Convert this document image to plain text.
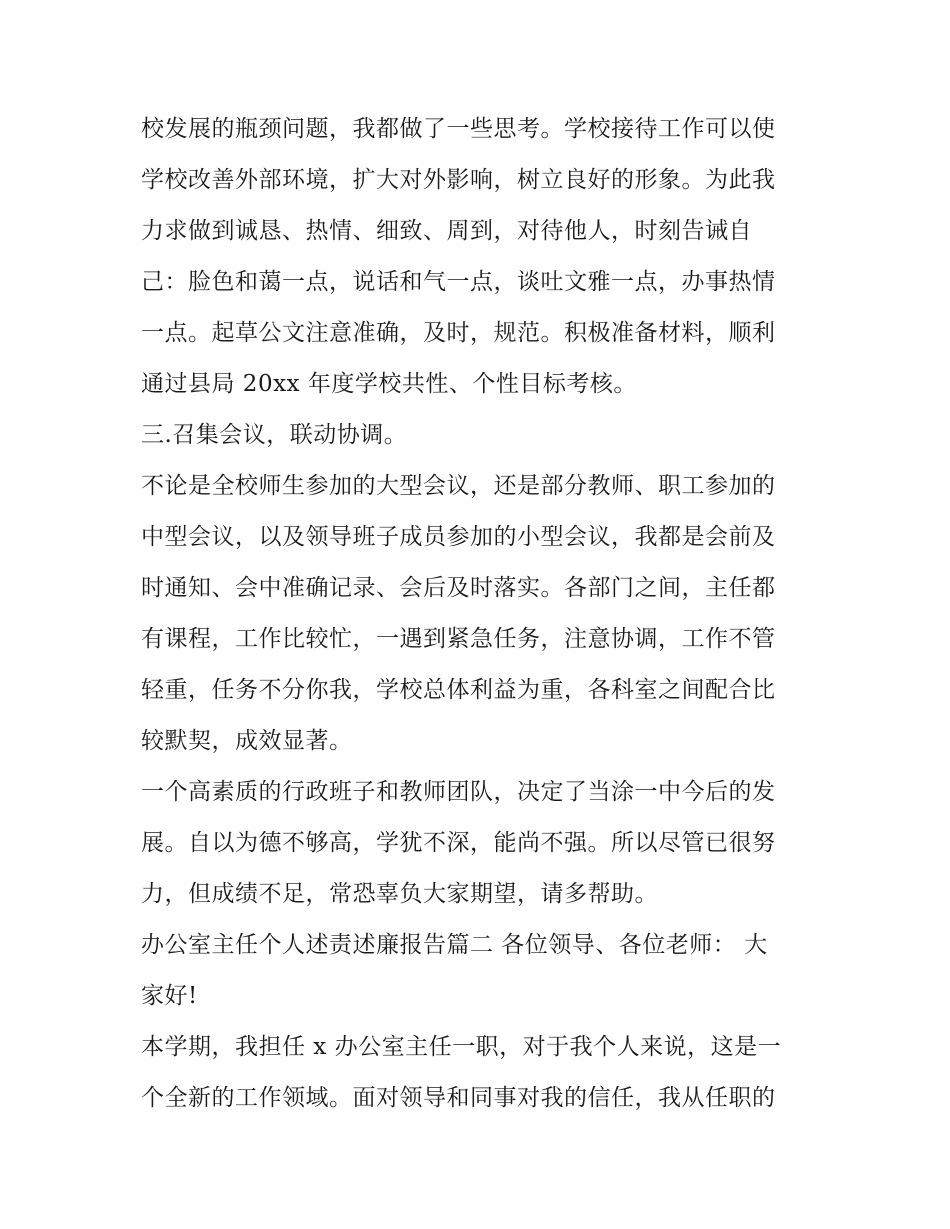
校发展的瓶颈问题，我都做了一些思考。学校接待工作可以使
学校改善外部环境，扩大对外影响，树立良好的形象。为此我
力求做到诚恳、热情、细致、周到，对待他人，时刻告诫自
己：脸色和蔼一点，说话和气一点，谈吐文雅一点，办事热情
一点。起草公文注意准确，及时，规范。积极准备材料，顺利
通过县局 20xx 年度学校共性、个性目标考核。
三.召集会议，联动协调。
不论是全校师生参加的大型会议，还是部分教师、职工参加的
中型会议，以及领导班子成员参加的小型会议，我都是会前及
时通知、会中准确记录、会后及时落实。各部门之间，主任都
有课程，工作比较忙，一遇到紧急任务，注意协调，工作不管
轻重，任务不分你我，学校总体利益为重，各科室之间配合比
较默契，成效显著。
一个高素质的行政班子和教师团队，决定了当涂一中今后的发
展。自以为德不够高，学犹不深，能尚不强。所以尽管已很努
力，但成绩不足，常恐辜负大家期望，请多帮助。
办公室主任个人述责述廉报告篇二 各位领导、各位老师： 大
家好!
本学期，我担任 x 办公室主任一职，对于我个人来说，这是一
个全新的工作领域。面对领导和同事对我的信任，我从任职的
